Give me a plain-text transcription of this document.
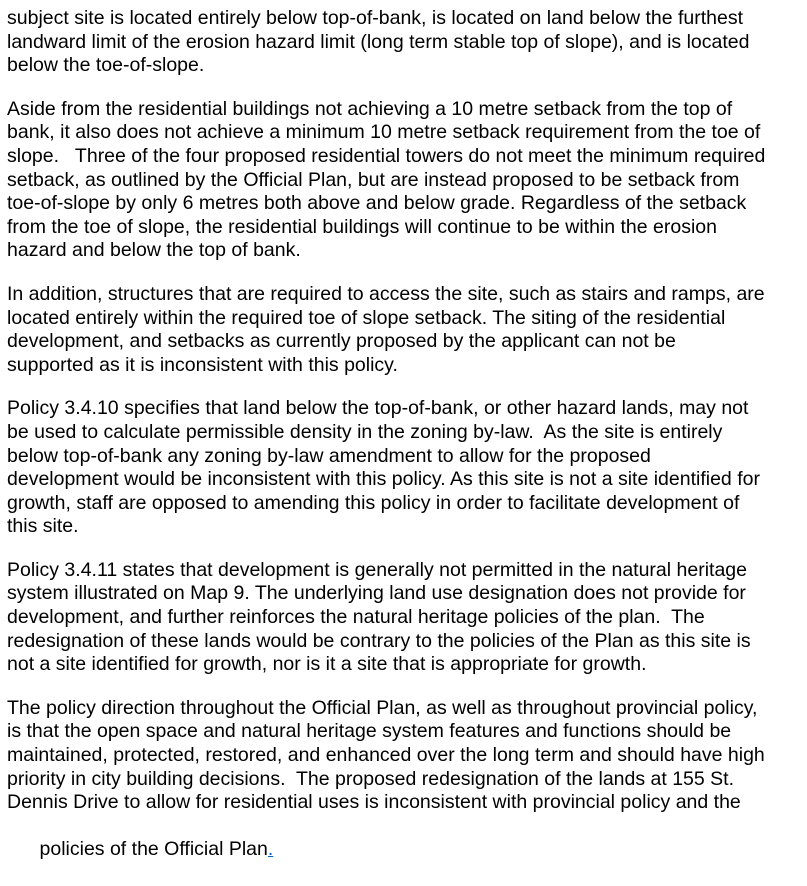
subject site is located entirely below top-of-bank, is located on land below the furthest
landward limit of the erosion hazard limit (long term stable top of slope), and is located
below the toe-of-slope.
Aside from the residential buildings not achieving a 10 metre setback from the top of
bank, it also does not achieve a minimum 10 metre setback requirement from the toe of
slope.   Three of the four proposed residential towers do not meet the minimum required
setback, as outlined by the Official Plan, but are instead proposed to be setback from
toe-of-slope by only 6 metres both above and below grade. Regardless of the setback
from the toe of slope, the residential buildings will continue to be within the erosion
hazard and below the top of bank.
In addition, structures that are required to access the site, such as stairs and ramps, are
located entirely within the required toe of slope setback. The siting of the residential
development, and setbacks as currently proposed by the applicant can not be
supported as it is inconsistent with this policy.
Policy 3.4.10 specifies that land below the top-of-bank, or other hazard lands, may not
be used to calculate permissible density in the zoning by-law.  As the site is entirely
below top-of-bank any zoning by-law amendment to allow for the proposed
development would be inconsistent with this policy. As this site is not a site identified for
growth, staff are opposed to amending this policy in order to facilitate development of
this site.
Policy 3.4.11 states that development is generally not permitted in the natural heritage
system illustrated on Map 9. The underlying land use designation does not provide for
development, and further reinforces the natural heritage policies of the plan.  The
redesignation of these lands would be contrary to the policies of the Plan as this site is
not a site identified for growth, nor is it a site that is appropriate for growth.
The policy direction throughout the Official Plan, as well as throughout provincial policy,
is that the open space and natural heritage system features and functions should be
maintained, protected, restored, and enhanced over the long term and should have high
priority in city building decisions.  The proposed redesignation of the lands at 155 St.
Dennis Drive to allow for residential uses is inconsistent with provincial policy and the

policies of the Official Plan.
